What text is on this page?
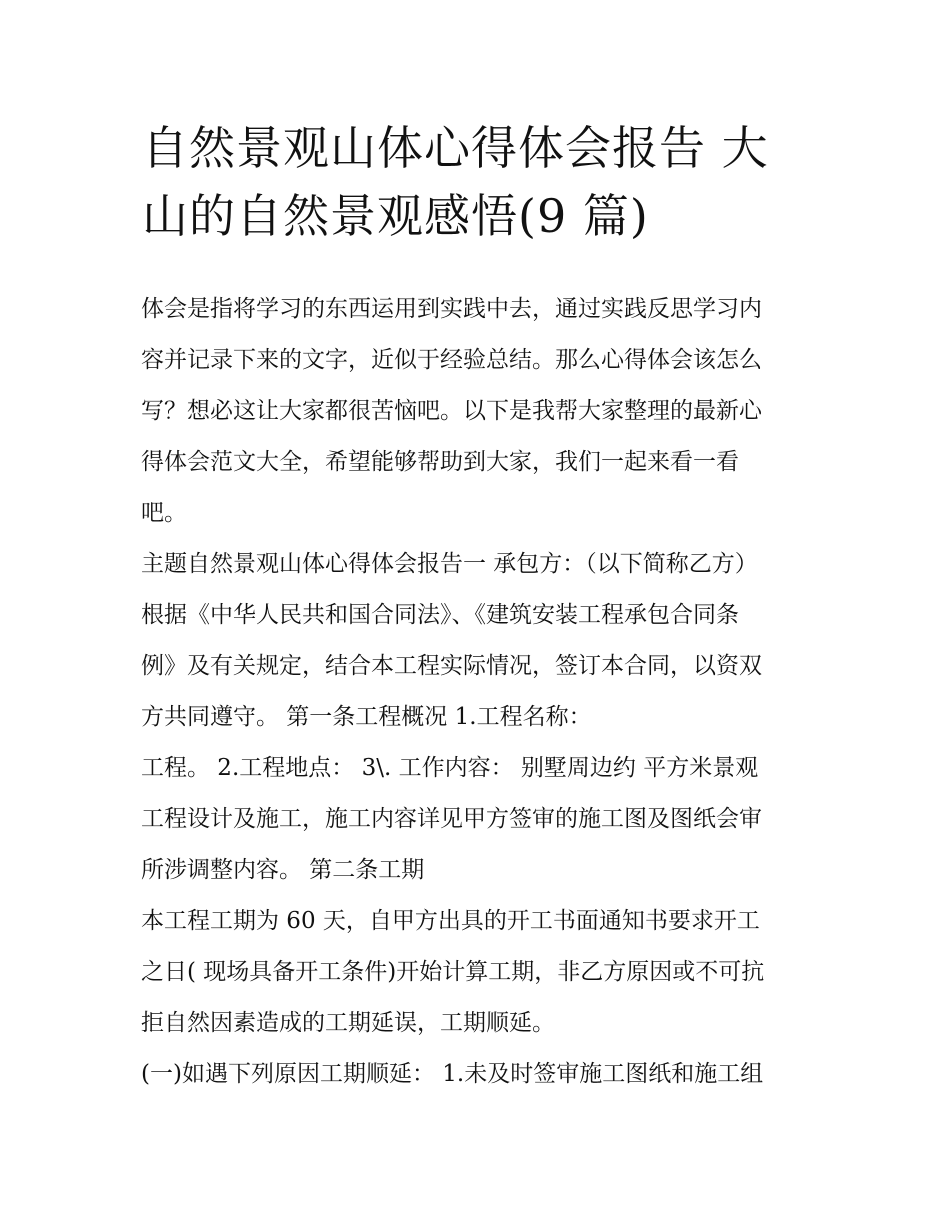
自然景观山体心得体会报告 大
山的自然景观感悟(9 篇)
体会是指将学习的东西运用到实践中去，通过实践反思学习内
容并记录下来的文字，近似于经验总结。那么心得体会该怎么
写？想必这让大家都很苦恼吧。以下是我帮大家整理的最新心
得体会范文大全，希望能够帮助到大家，我们一起来看一看
吧。
主题自然景观山体心得体会报告一 承包方：（以下简称乙方）
根据《中华人民共和国合同法》、《建筑安装工程承包合同条
例》及有关规定，结合本工程实际情况，签订本合同，以资双
方共同遵守。 第一条工程概况 1.工程名称：
工程。 2.工程地点： 3\. 工作内容： 别墅周边约 平方米景观
工程设计及施工，施工内容详见甲方签审的施工图及图纸会审
所涉调整内容。 第二条工期
本工程工期为 60 天，自甲方出具的开工书面通知书要求开工
之日( 现场具备开工条件)开始计算工期，非乙方原因或不可抗
拒自然因素造成的工期延误，工期顺延。
(一)如遇下列原因工期顺延： 1.未及时签审施工图纸和施工组
